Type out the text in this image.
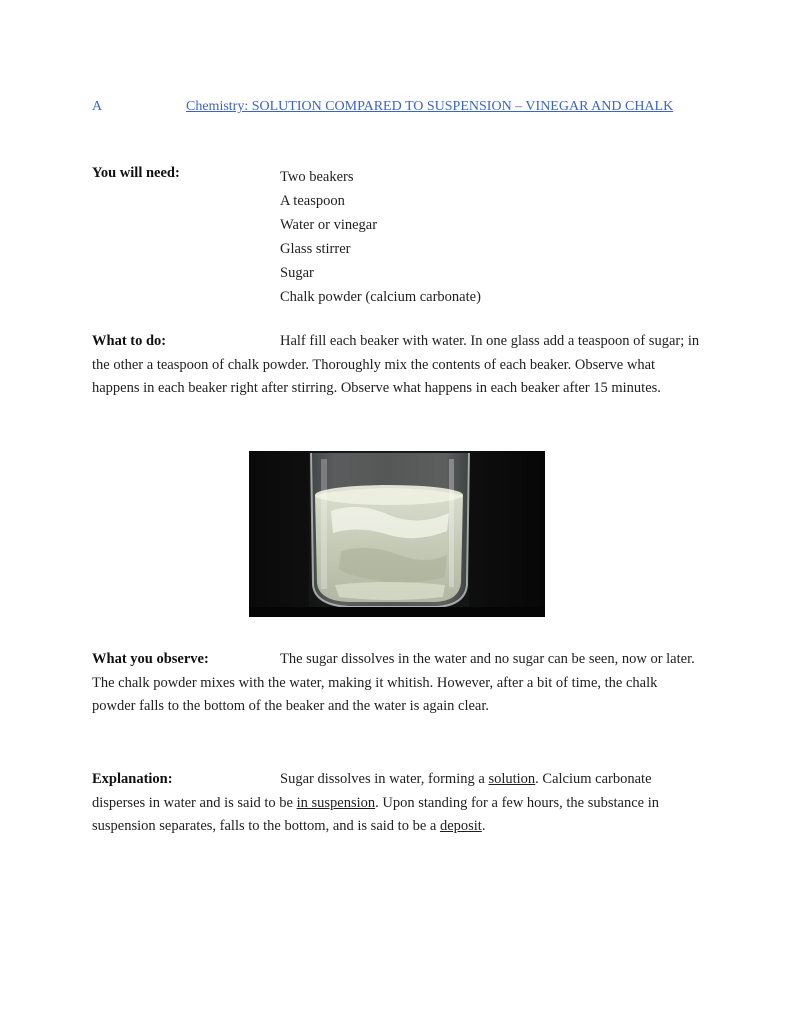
A	Chemistry: SOLUTION COMPARED TO SUSPENSION – VINEGAR AND CHALK
You will need:	Two beakers
A teaspoon
Water or vinegar
Glass stirrer
Sugar
Chalk powder (calcium carbonate)
What to do:	Half fill each beaker with water. In one glass add a teaspoon of sugar; in the other a teaspoon of chalk powder. Thoroughly mix the contents of each beaker. Observe what happens in each beaker right after stirring. Observe what happens in each beaker after 15 minutes.
What you observe:	The sugar dissolves in the water and no sugar can be seen, now or later. The chalk powder mixes with the water, making it whitish. However, after a bit of time, the chalk powder falls to the bottom of the beaker and the water is again clear.
Explanation:	Sugar dissolves in water, forming a solution. Calcium carbonate disperses in water and is said to be in suspension. Upon standing for a few hours, the substance in suspension separates, falls to the bottom, and is said to be a deposit.
